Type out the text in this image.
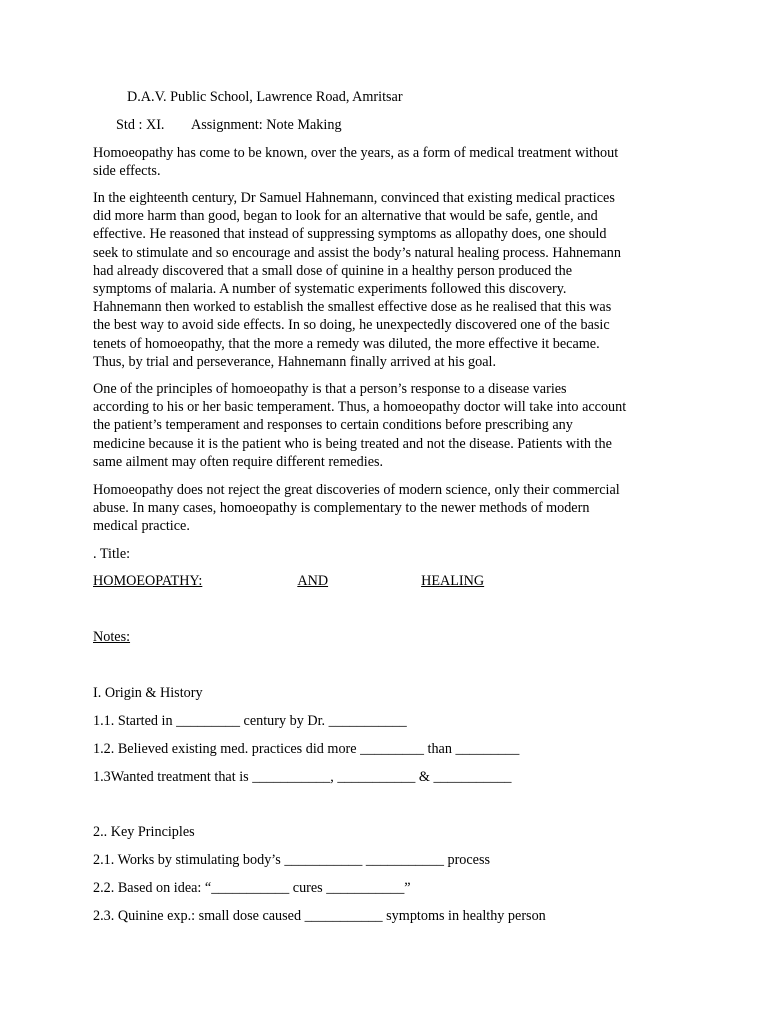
D.A.V. Public School, Lawrence Road, Amritsar
Std : XI. Assignment: Note Making
Homoeopathy has come to be known, over the years, as a form of medical treatment without
side effects.
In the eighteenth century, Dr Samuel Hahnemann, convinced that existing medical practices
did more harm than good, began to look for an alternative that would be safe, gentle, and
effective. He reasoned that instead of suppressing symptoms as allopathy does, one should
seek to stimulate and so encourage and assist the body’s natural healing process. Hahnemann
had already discovered that a small dose of quinine in a healthy person produced the
symptoms of malaria. A number of systematic experiments followed this discovery.
Hahnemann then worked to establish the smallest effective dose as he realised that this was
the best way to avoid side effects. In so doing, he unexpectedly discovered one of the basic
tenets of homoeopathy, that the more a remedy was diluted, the more effective it became.
Thus, by trial and perseverance, Hahnemann finally arrived at his goal.
One of the principles of homoeopathy is that a person’s response to a disease varies
according to his or her basic temperament. Thus, a homoeopathy doctor will take into account
the patient’s temperament and responses to certain conditions before prescribing any
medicine because it is the patient who is being treated and not the disease. Patients with the
same ailment may often require different remedies.
Homoeopathy does not reject the great discoveries of modern science, only their commercial
abuse. In many cases, homoeopathy is complementary to the newer methods of modern
medical practice.
. Title:
HOMOEOPATHY:	AND	HEALING
Notes:
I. Origin & History
1.1. Started in _________ century by Dr. ___________
1.2. Believed existing med. practices did more _________ than _________
1.3Wanted treatment that is ___________, ___________ & ___________
2.. Key Principles
2.1. Works by stimulating body’s ___________ ___________ process
2.2. Based on idea: “___________ cures ___________”
2.3. Quinine exp.: small dose caused ___________ symptoms in healthy person
